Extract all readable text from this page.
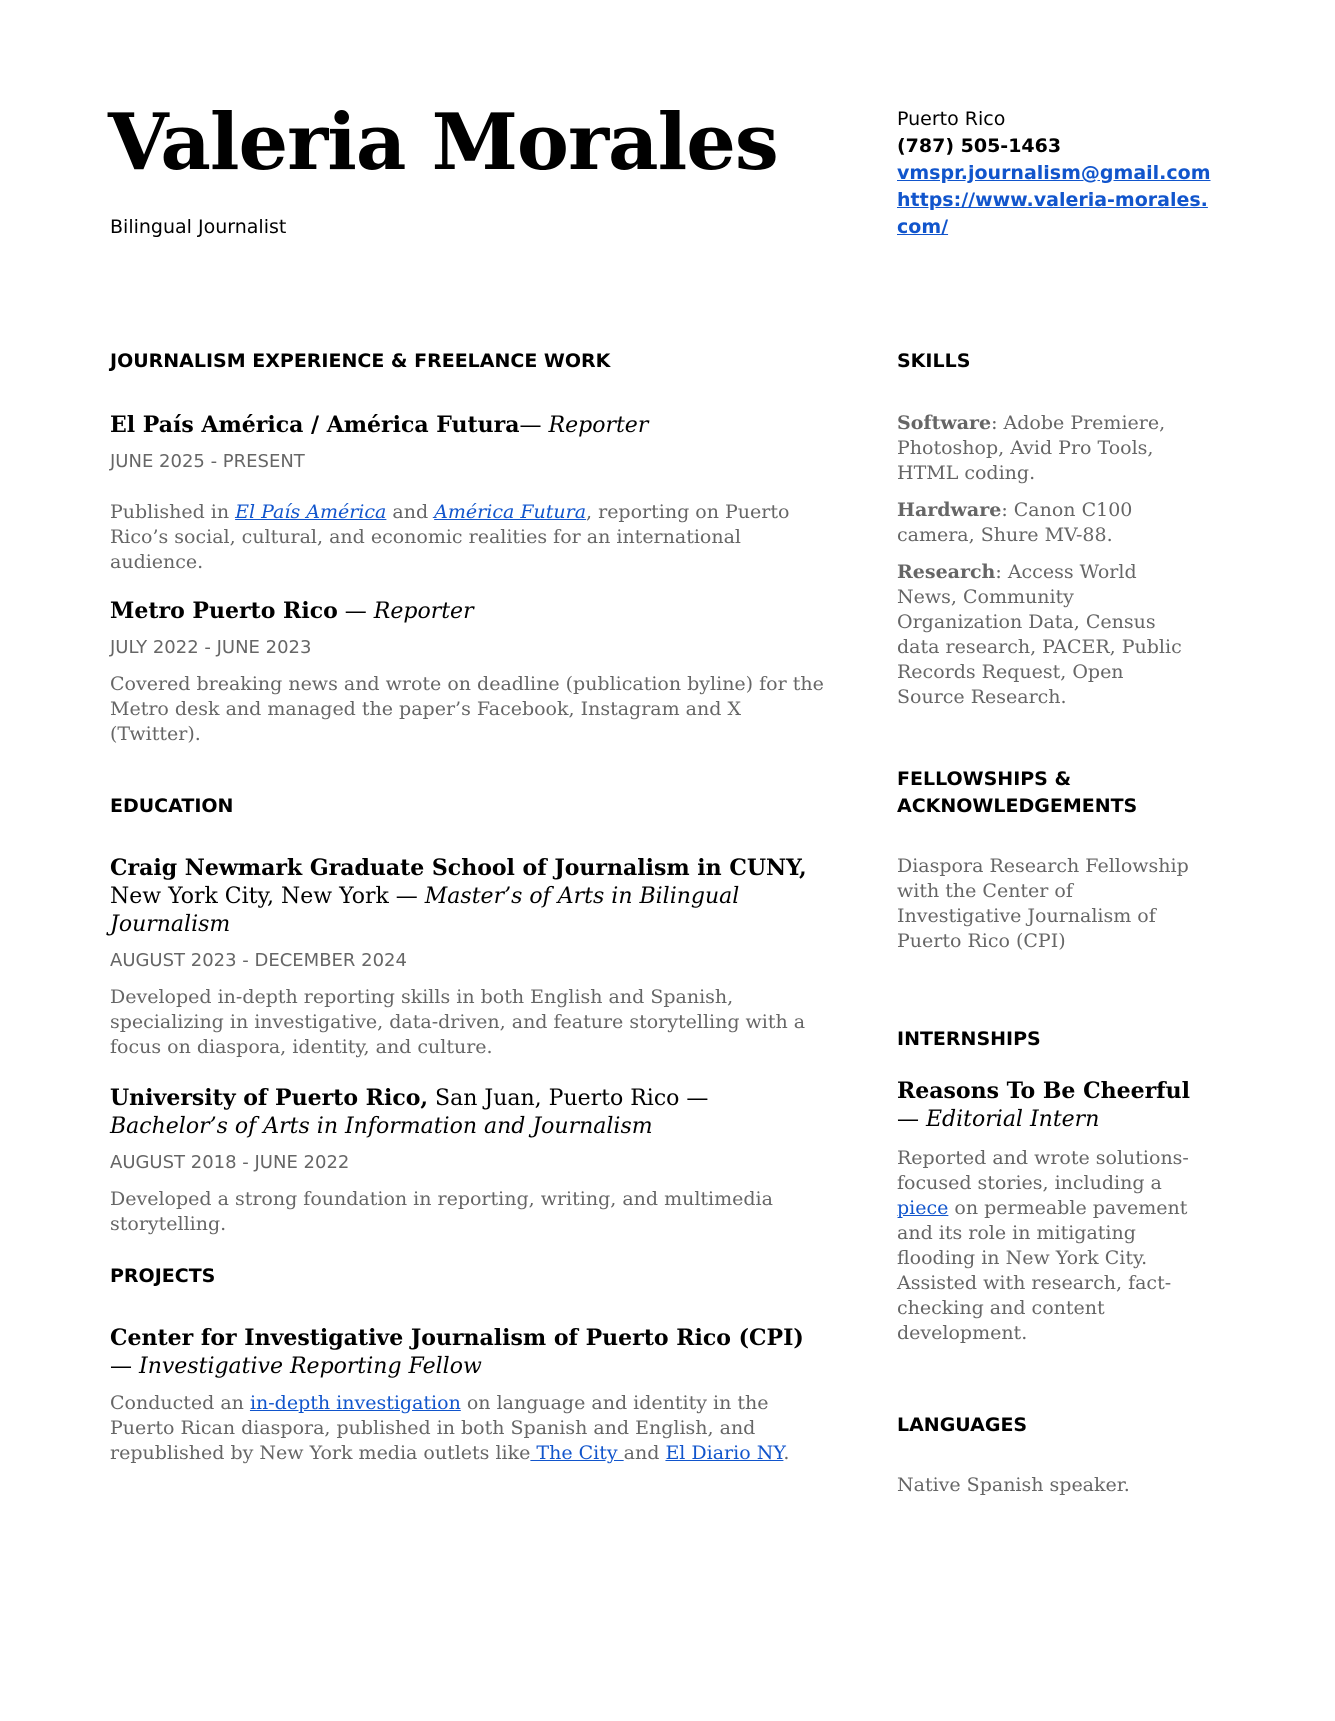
Valeria Morales
Bilingual Journalist
Puerto Rico
(787) 505-1463
vmspr.journalism@gmail.com
https://www.valeria-morales.
com/
JOURNALISM EXPERIENCE & FREELANCE WORK

El País América / América Futura— Reporter

JUNE 2025 - PRESENT

Published in El País América and América Futura, reporting on Puerto Rico’s social, cultural, and economic realities for an international audience.

Metro Puerto Rico — Reporter

JULY 2022 - JUNE 2023

Covered breaking news and wrote on deadline (publication byline) for the Metro desk and managed the paper’s Facebook, Instagram and X (Twitter).

EDUCATION

Craig Newmark Graduate School of Journalism in CUNY, New York City, New York — Master’s of Arts in Bilingual Journalism

AUGUST 2023 - DECEMBER 2024

Developed in-depth reporting skills in both English and Spanish, specializing in investigative, data-driven, and feature storytelling with a focus on diaspora, identity, and culture.

University of Puerto Rico, San Juan, Puerto Rico — Bachelor’s of Arts in Information and Journalism

AUGUST 2018 - JUNE 2022

Developed a strong foundation in reporting, writing, and multimedia storytelling.

PROJECTS

Center for Investigative Journalism of Puerto Rico (CPI) — Investigative Reporting Fellow

Conducted an in-depth investigation on language and identity in the Puerto Rican diaspora, published in both Spanish and English, and republished by New York media outlets like The City and El Diario NY.

SKILLS

Software: Adobe Premiere, Photoshop, Avid Pro Tools, HTML coding.

Hardware: Canon C100 camera, Shure MV-88.

Research: Access World News, Community Organization Data, Census data research, PACER, Public Records Request, Open Source Research.

FELLOWSHIPS &
ACKNOWLEDGEMENTS

Diaspora Research Fellowship with the Center of Investigative Journalism of Puerto Rico (CPI)

INTERNSHIPS

Reasons To Be Cheerful — Editorial Intern

Reported and wrote solutions-focused stories, including a piece on permeable pavement and its role in mitigating flooding in New York City. Assisted with research, fact-checking and content development.

LANGUAGES

Native Spanish speaker.
